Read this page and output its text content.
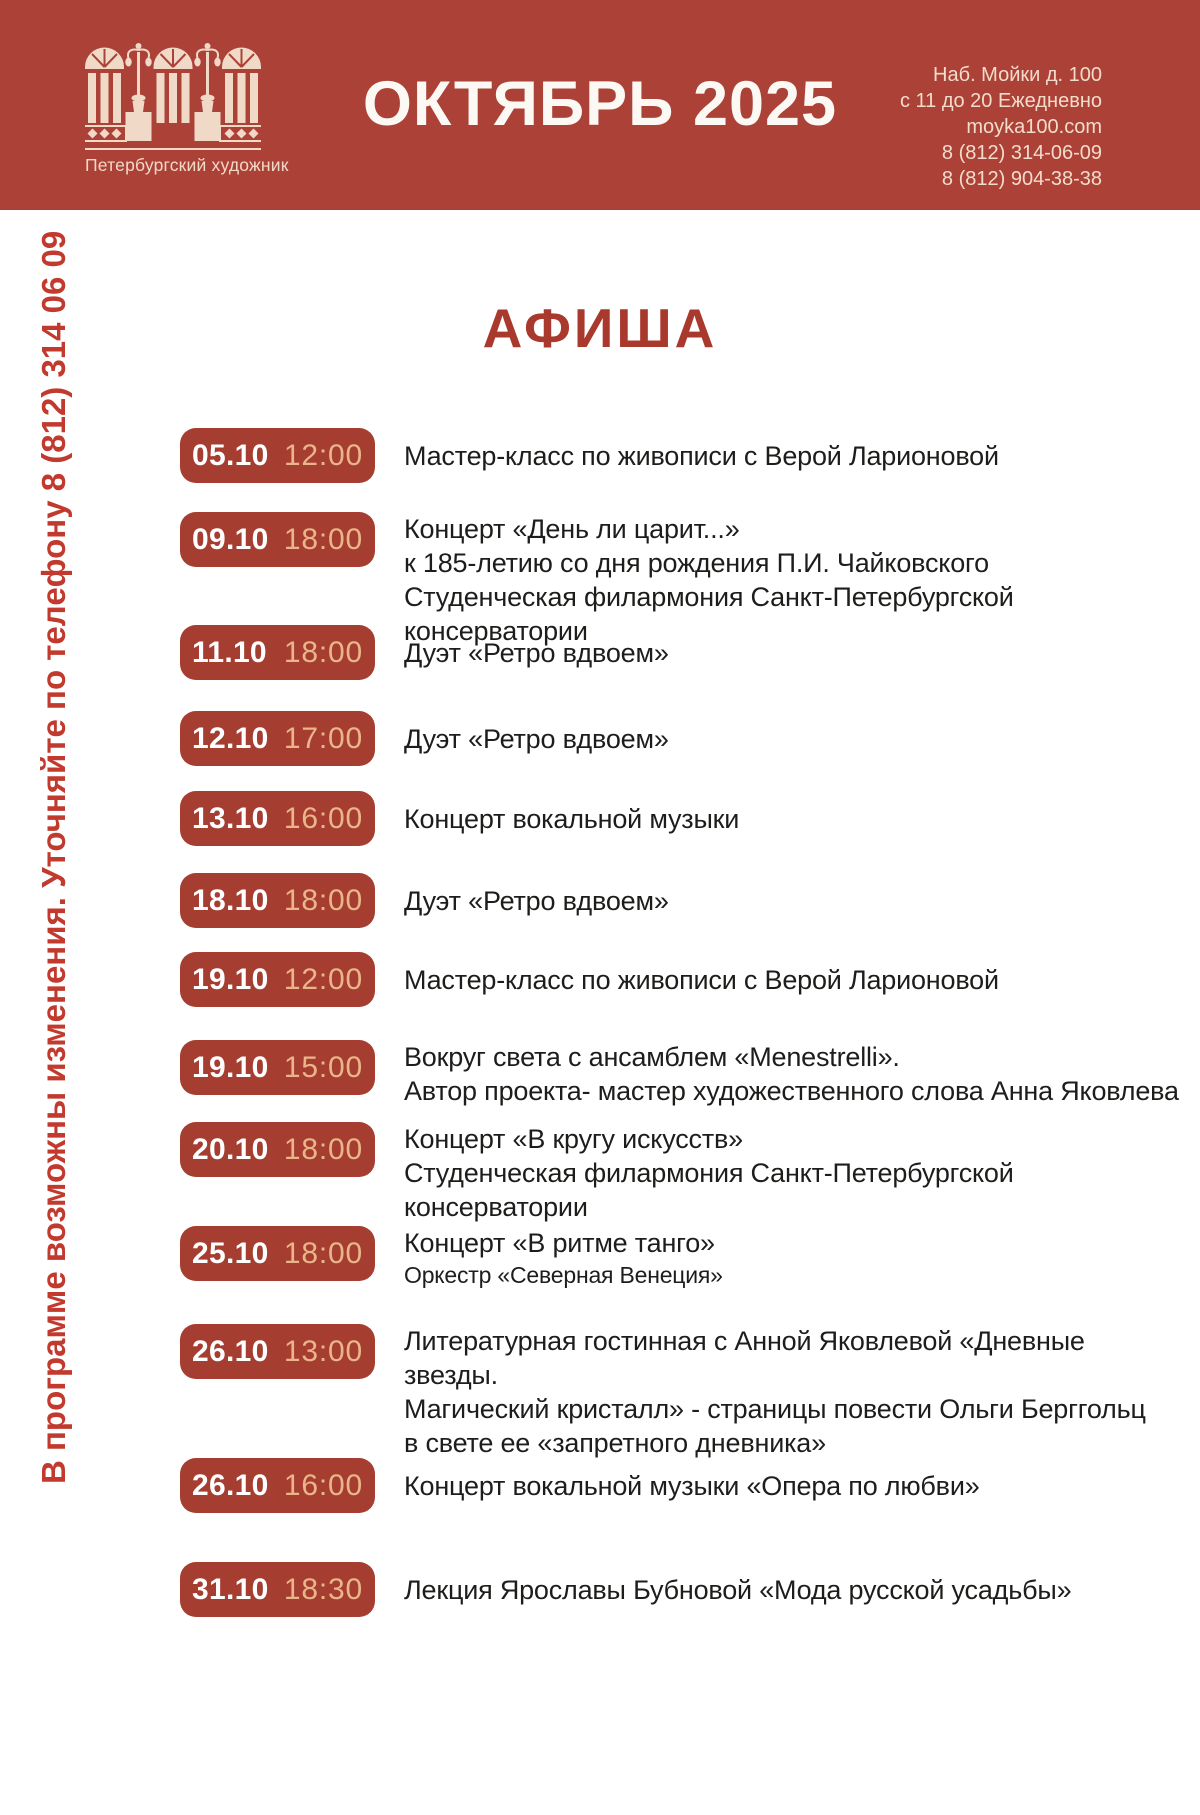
Петербургский художник
ОКТЯБРЬ 2025	Наб. Мойки д. 100
с 11 до 20 Ежедневно
moyka100.com
8 (812) 314-06-09
8 (812) 904-38-38
В программе возможны изменения. Уточняйте по телефону 8 (812) 314 06 09	АФИША
05.10 12:00 Мастер-класс по живописи с Верой Ларионовой
09.10 18:00 Концерт «День ли царит...»
к 185-летию со дня рождения П.И. Чайковского
Студенческая филармония Санкт-Петербургской консерватории
11.10 18:00 Дуэт «Ретро вдвоем»
12.10 17:00 Дуэт «Ретро вдвоем»
13.10 16:00 Концерт вокальной музыки
18.10 18:00 Дуэт «Ретро вдвоем»
19.10 12:00 Мастер-класс по живописи с Верой Ларионовой
19.10 15:00 Вокруг света с ансамблем «Menestrelli».
Автор проекта- мастер художественного слова Анна Яковлева
20.10 18:00 Концерт «В кругу искусств»
Студенческая филармония Санкт-Петербургской консерватории
25.10 18:00 Концерт «В ритме танго»
Оркестр «Северная Венеция»
26.10 13:00 Литературная гостинная с Анной Яковлевой «Дневные звезды.
Магический кристалл» - страницы повести Ольги Берггольц
в свете ее «запретного дневника»
26.10 16:00 Концерт вокальной музыки «Опера по любви»
31.10 18:30 Лекция Ярославы Бубновой «Мода русской усадьбы»
